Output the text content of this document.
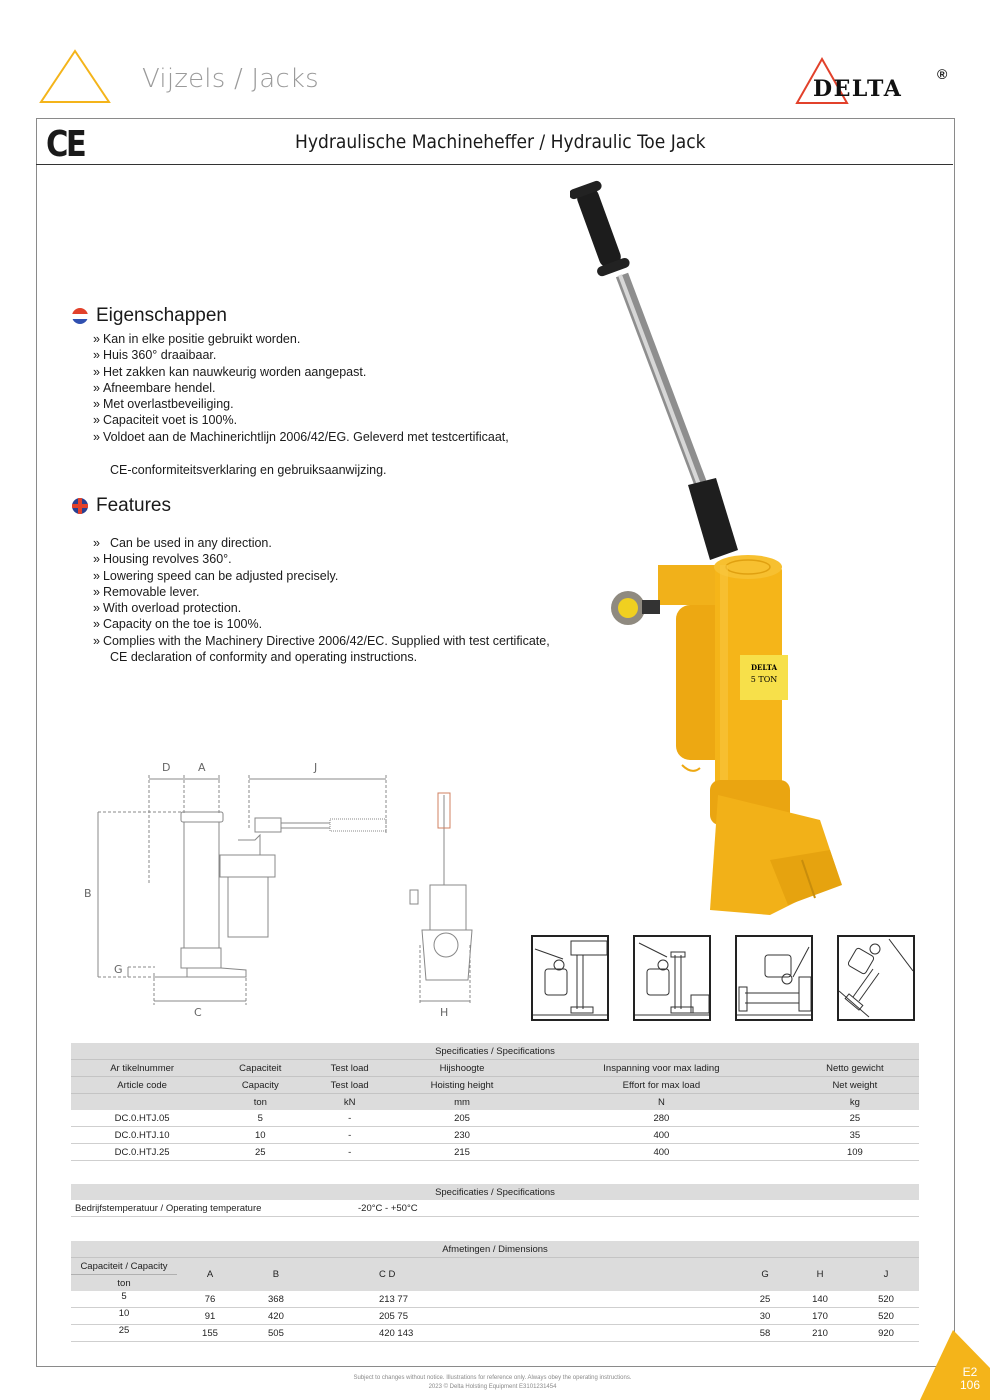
Vijzels / Jacks	DELTA
®
CE	Hydraulische Machineheffer / Hydraulic Toe Jack
Eigenschappen
» Kan in elke positie gebruikt worden.
» Huis 360° draaibaar.
» Het zakken kan nauwkeurig worden aangepast.
» Afneembare hendel.
» Met overlastbeveiliging.
» Capaciteit voet is 100%.
» Voldoet aan de Machinerichtlijn 2006/42/EG. Geleverd met testcertificaat,
CE-conformiteitsverklaring en gebruiksaanwijzing.
Features
» Can be used in any direction.
» Housing revolves 360°.
» Lowering speed can be adjusted precisely.
» Removable lever.
» With overload protection.
» Capacity on the toe is 100%.
» Complies with the Machinery Directive 2006/42/EC. Supplied with test certificate,
CE declaration of conformity and operating instructions.
DELTA
5 TON
D	A	J
B
G
C	H
Specificaties / Specifications					
Ar tikelnummer	Capaciteit	Test load	Hijshoogte	Inspanning voor max lading	Netto gewicht
Article code	Capacity	Test load	Hoisting height	Effort for max load	Net weight
	ton	kN	mm	N	kg
DC.0.HTJ.05	5	-	205	280	25
DC.0.HTJ.10	10	-	230	400	35
DC.0.HTJ.25	25	-	215	400	109
Specificaties / Specifications
Bedrijfstemperatuur / Operating temperature	-20°C - +50°C
Afmetingen / Dimensions						
Capaciteit / Capacity	A	B	C D	G	H	J
ton						
5	76	368	213 77	25	140	520
10	91	420	205 75	30	170	520
25	155	505	420 143	58	210	920
Subject to changes without notice. Illustrations for reference only. Always obey the operating instructions.
2023 © Delta Holsting Equipment E3101231454
E2
106
